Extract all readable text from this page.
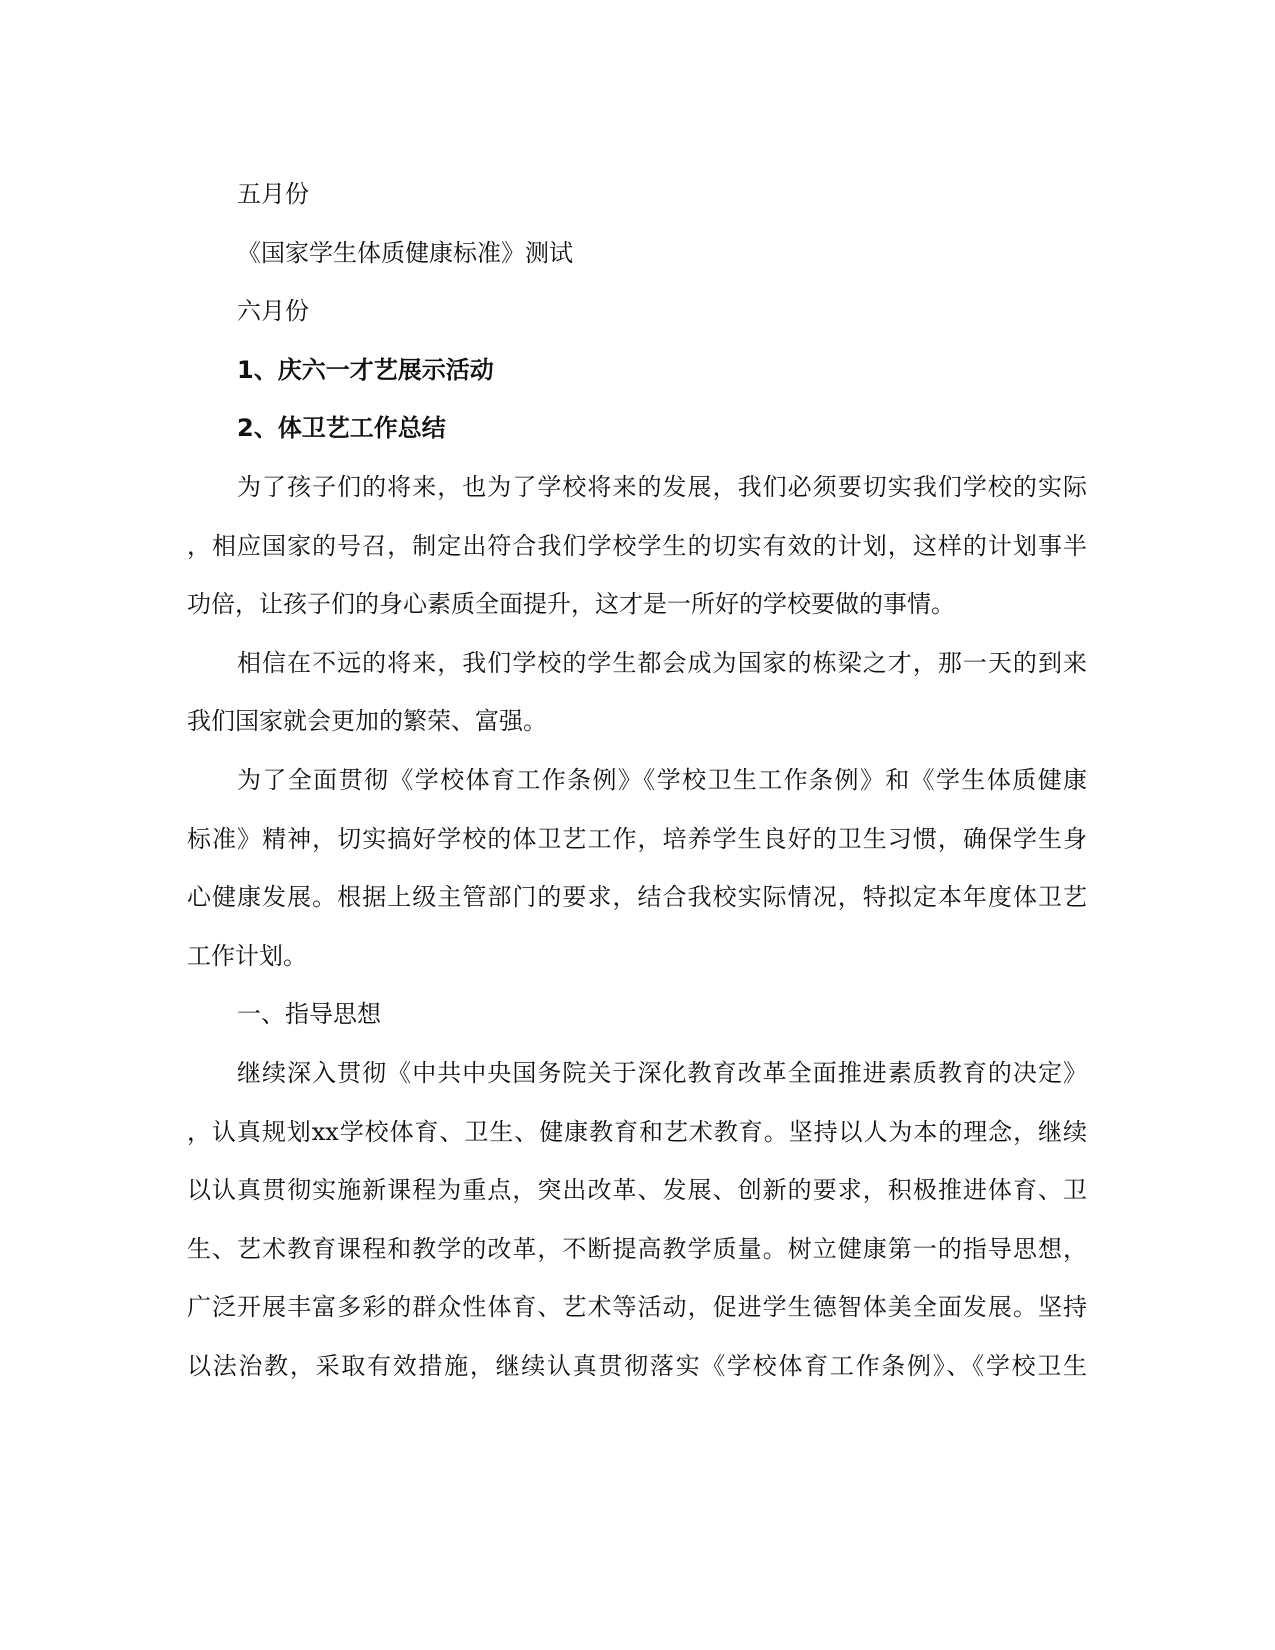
五月份
《国家学生体质健康标准》测试
六月份
1、庆六一才艺展示活动
2、体卫艺工作总结
为了孩子们的将来，也为了学校将来的发展，我们必须要切实我们学校的实际
，相应国家的号召，制定出符合我们学校学生的切实有效的计划，这样的计划事半
功倍，让孩子们的身心素质全面提升，这才是一所好的学校要做的事情。
相信在不远的将来，我们学校的学生都会成为国家的栋梁之才，那一天的到来
我们国家就会更加的繁荣、富强。
为了全面贯彻《学校体育工作条例》《学校卫生工作条例》和《学生体质健康
标准》精神，切实搞好学校的体卫艺工作，培养学生良好的卫生习惯，确保学生身
心健康发展。根据上级主管部门的要求，结合我校实际情况，特拟定本年度体卫艺
工作计划。
一、指导思想
继续深入贯彻《中共中央国务院关于深化教育改革全面推进素质教育的决定》
，认真规划xx学校体育、卫生、健康教育和艺术教育。坚持以人为本的理念，继续
以认真贯彻实施新课程为重点，突出改革、发展、创新的要求，积极推进体育、卫
生、艺术教育课程和教学的改革，不断提高教学质量。树立健康第一的指导思想，
广泛开展丰富多彩的群众性体育、艺术等活动，促进学生德智体美全面发展。坚持
以法治教，采取有效措施，继续认真贯彻落实《学校体育工作条例》、《学校卫生
